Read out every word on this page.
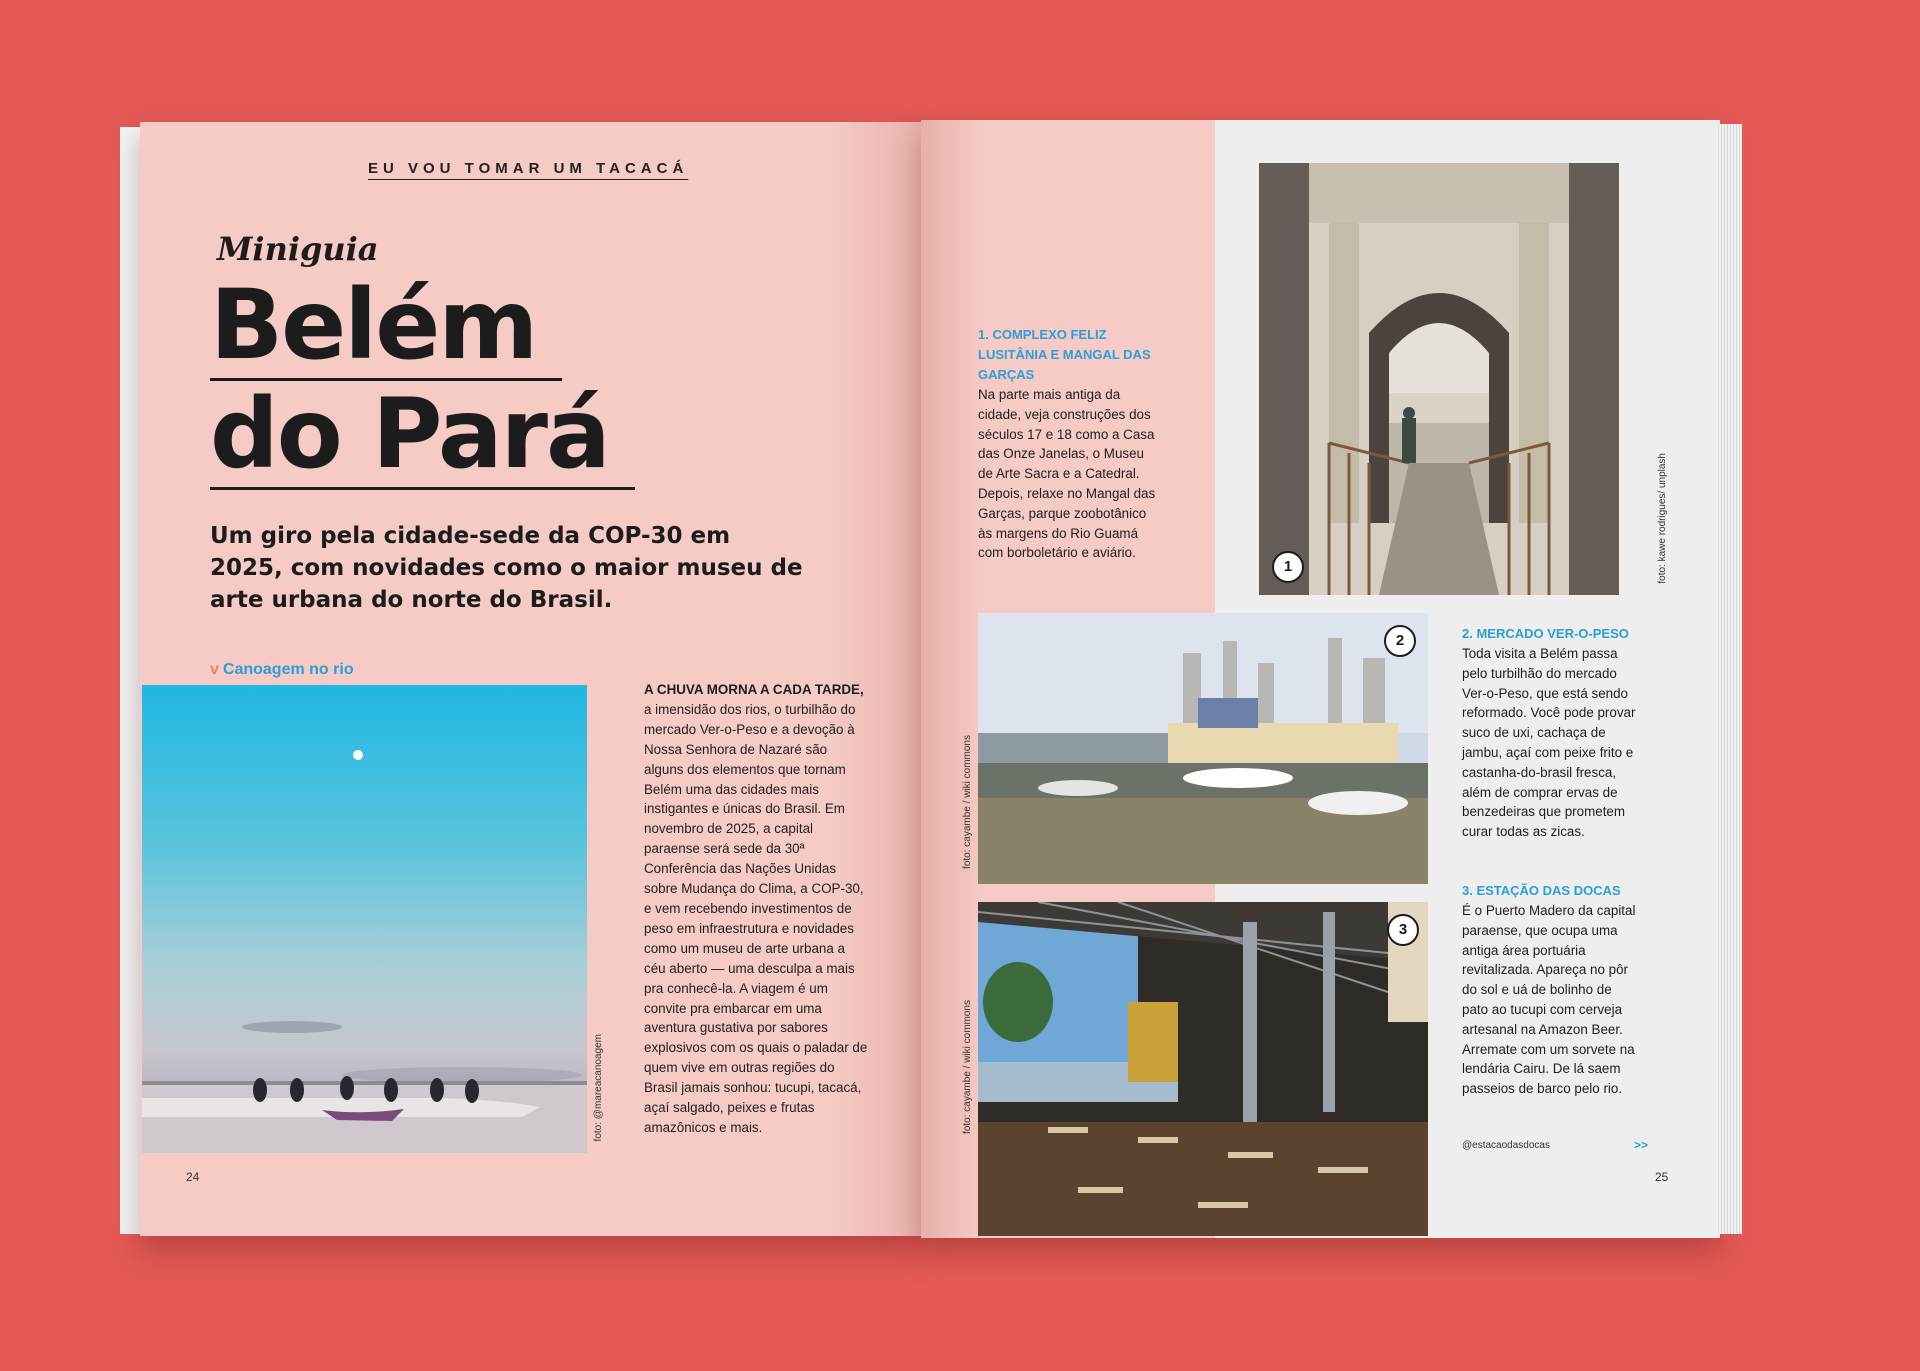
EU VOU TOMAR UM TACACÁ
Miniguia
Belém
do Pará
Um giro pela cidade-sede da COP-30 em 2025, com novidades como o maior museu de arte urbana do norte do Brasil.
v Canoagem no rio
foto: @mareacanoagem
A CHUVA MORNA A CADA TARDE, a imensidão dos rios, o turbilhão do mercado Ver-o-Peso e a devoção à Nossa Senhora de Nazaré são alguns dos elementos que tornam Belém uma das cidades mais instigantes e únicas do Brasil. Em novembro de 2025, a capital paraense será sede da 30ª Conferência das Nações Unidas sobre Mudança do Clima, a COP-30, e vem recebendo investimentos de peso em infraestrutura e novidades como um museu de arte urbana a céu aberto — uma desculpa a mais pra conhecê-la. A viagem é um convite pra embarcar em uma aventura gustativa por sabores explosivos com os quais o paladar de quem vive em outras regiões do Brasil jamais sonhou: tucupi, tacacá, açaí salgado, peixes e frutas amazônicos e mais.
24
1. COMPLEXO FELIZ LUSITÂNIA E MANGAL DAS GARÇAS
Na parte mais antiga da cidade, veja construções dos séculos 17 e 18 como a Casa das Onze Janelas, o Museu de Arte Sacra e a Catedral. Depois, relaxe no Mangal das Garças, parque zoobotânico às margens do Rio Guamá com borboletário e aviário.
2. MERCADO VER-O-PESO
Toda visita a Belém passa pelo turbilhão do mercado Ver-o-Peso, que está sendo reformado. Você pode provar suco de uxi, cachaça de jambu, açaí com peixe frito e castanha-do-brasil fresca, além de comprar ervas de benzedeiras que prometem curar todas as zicas.
3. ESTAÇÃO DAS DOCAS
É o Puerto Madero da capital paraense, que ocupa uma antiga área portuária revitalizada. Apareça no pôr do sol e uá de bolinho de pato ao tucupi com cerveja artesanal na Amazon Beer. Arremate com um sorvete na lendária Cairu. De lá saem passeios de barco pelo rio.
@estacaodasdocas	>>
1	foto: kawe rodrigues/ unplash
2
foto: cayambe / wiki commons
3
foto: cayambe / wiki commons
25
